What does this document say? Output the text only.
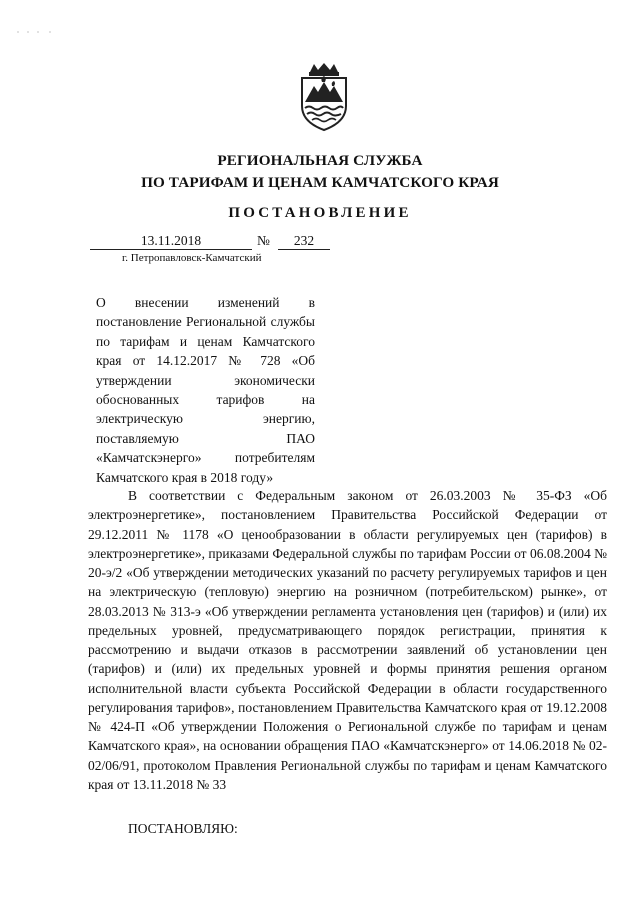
РЕГИОНАЛЬНАЯ СЛУЖБА
ПО ТАРИФАМ И ЦЕНАМ КАМЧАТСКОГО КРАЯ
ПОСТАНОВЛЕНИЕ
13.11.2018	№	232
г. Петропавловск-Камчатский
О внесении изменений в постановление Региональной службы по тарифам и ценам Камчатского края от 14.12.2017 № 728 «Об утверждении экономически обоснованных тарифов на электрическую энергию, поставляемую ПАО «Камчатскэнерго» потребителям Камчатского края в 2018 году»
В соответствии с Федеральным законом от 26.03.2003 № 35-ФЗ «Об электроэнергетике», постановлением Правительства Российской Федерации от 29.12.2011 № 1178 «О ценообразовании в области регулируемых цен (тарифов) в электроэнергетике», приказами Федеральной службы по тарифам России от 06.08.2004 № 20-э/2 «Об утверждении методических указаний по расчету регулируемых тарифов и цен на электрическую (тепловую) энергию на розничном (потребительском) рынке», от 28.03.2013 № 313-э «Об утверждении регламента установления цен (тарифов) и (или) их предельных уровней, предусматривающего порядок регистрации, принятия к рассмотрению и выдачи отказов в рассмотрении заявлений об установлении цен (тарифов) и (или) их предельных уровней и формы принятия решения органом исполнительной власти субъекта Российской Федерации в области государственного регулирования тарифов», постановлением Правительства Камчатского края от 19.12.2008 № 424-П «Об утверждении Положения о Региональной службе по тарифам и ценам Камчатского края», на основании обращения ПАО «Камчатскэнерго» от 14.06.2018 № 02-02/06/91, протоколом Правления Региональной службы по тарифам и ценам Камчатского края от 13.11.2018 № 33
ПОСТАНОВЛЯЮ:
